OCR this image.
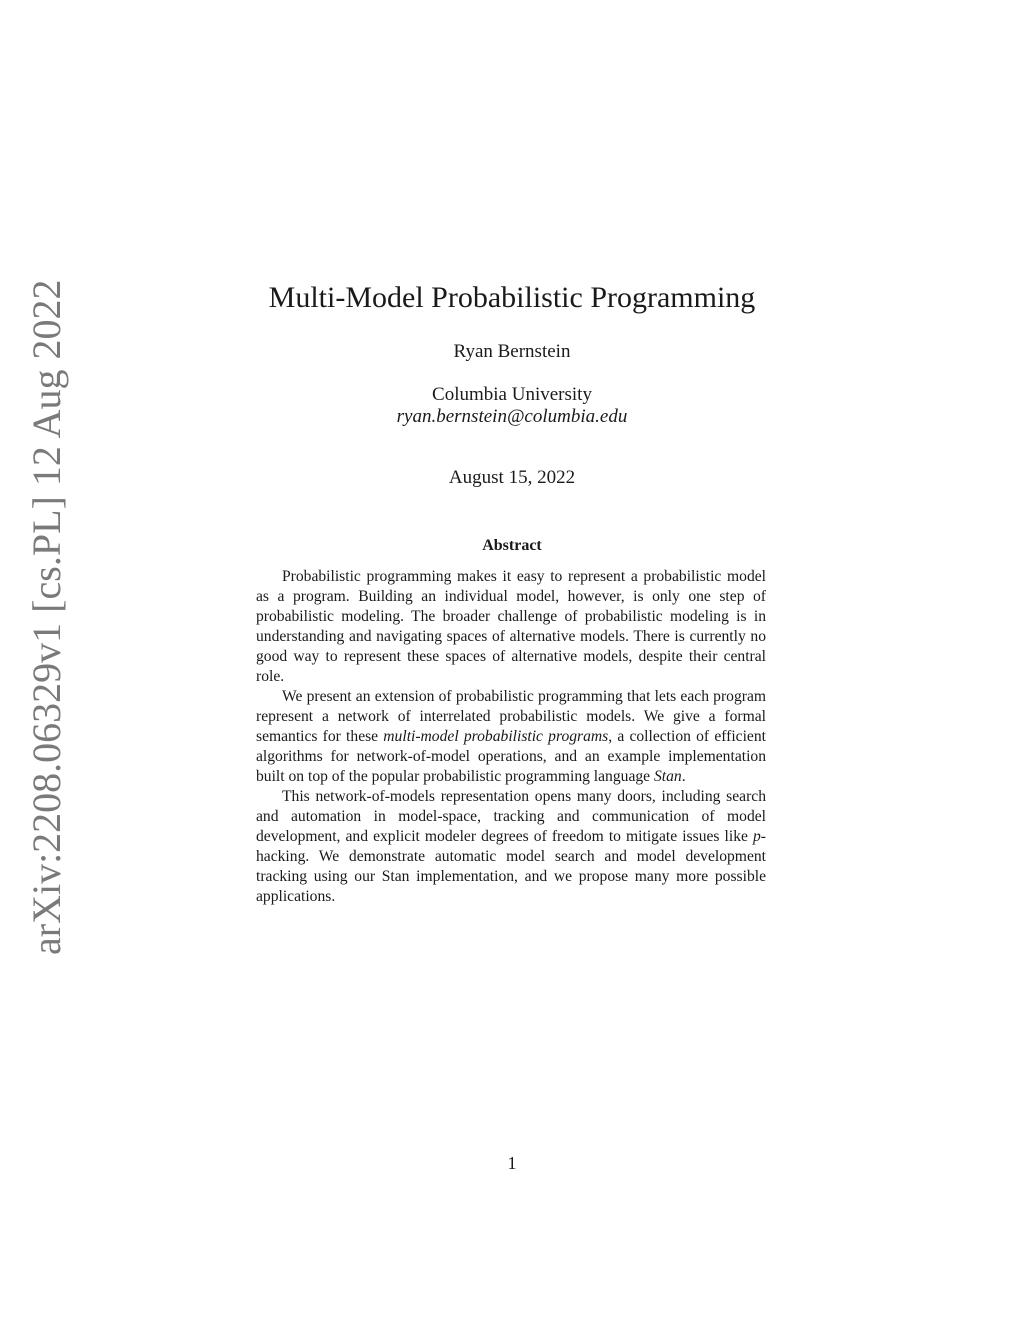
arXiv:2208.06329v1 [cs.PL] 12 Aug 2022	Multi-Model Probabilistic Programming
Ryan Bernstein
Columbia University
ryan.bernstein@columbia.edu
August 15, 2022
Abstract

Probabilistic programming makes it easy to represent a probabilistic model as a program. Building an individual model, however, is only one step of probabilistic modeling. The broader challenge of probabilistic modeling is in understanding and navigating spaces of alternative models. There is currently no good way to represent these spaces of alternative models, despite their central role.

We present an extension of probabilistic programming that lets each program represent a network of interrelated probabilistic models. We give a formal semantics for these multi-model probabilistic programs, a collection of efficient algorithms for network-of-model operations, and an example implementation built on top of the popular probabilistic programming language Stan.

This network-of-models representation opens many doors, including search and automation in model-space, tracking and communication of model development, and explicit modeler degrees of freedom to mitigate issues like p-hacking. We demonstrate automatic model search and model development tracking using our Stan implementation, and we propose many more possible applications.

1
